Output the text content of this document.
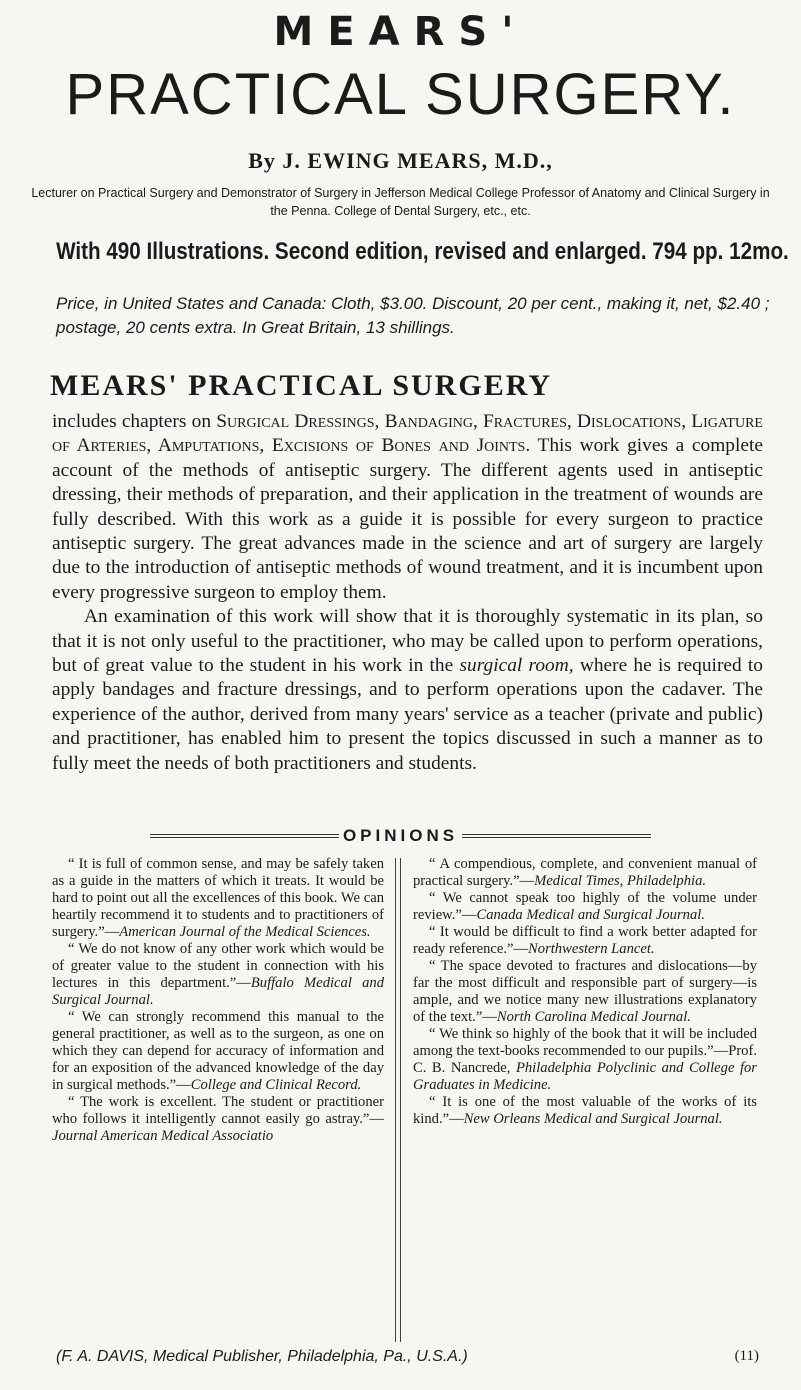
MEARS'
PRACTICAL SURGERY.
By J. EWING MEARS, M.D.,
Lecturer on Practical Surgery and Demonstrator of Surgery in Jefferson Medical College Professor of Anatomy and Clinical Surgery in the Penna. College of Dental Surgery, etc., etc.
With 490 Illustrations. Second edition, revised and enlarged. 794 pp. 12mo.
Price, in United States and Canada: Cloth, $3.00. Discount, 20 per cent., making it, net, $2.40 ; postage, 20 cents extra. In Great Britain, 13 shillings.
MEARS' PRACTICAL SURGERY

includes chapters on Surgical Dressings, Bandaging, Fractures, Dislocations, Ligature of Arteries, Amputations, Excisions of Bones and Joints. This work gives a complete account of the methods of antiseptic surgery. The different agents used in antiseptic dressing, their methods of preparation, and their application in the treatment of wounds are fully described. With this work as a guide it is possible for every surgeon to practice antiseptic surgery. The great advances made in the science and art of surgery are largely due to the introduction of antiseptic methods of wound treatment, and it is incumbent upon every progressive surgeon to employ them.

An examination of this work will show that it is thoroughly systematic in its plan, so that it is not only useful to the practitioner, who may be called upon to perform operations, but of great value to the student in his work in the surgical room, where he is required to apply bandages and fracture dressings, and to perform operations upon the cadaver. The experience of the author, derived from many years' service as a teacher (private and public) and practitioner, has enabled him to present the topics discussed in such a manner as to fully meet the needs of both practitioners and students.

OPINIONS

“ It is full of common sense, and may be safely taken as a guide in the matters of which it treats. It would be hard to point out all the excellences of this book. We can heartily recommend it to students and to practitioners of surgery.”—American Journal of the Medical Sciences.

“ We do not know of any other work which would be of greater value to the student in connection with his lectures in this department.”—Buffalo Medical and Surgical Journal.

“ We can strongly recommend this manual to the general practitioner, as well as to the surgeon, as one on which they can depend for accuracy of information and for an exposition of the advanced knowledge of the day in surgical methods.”—College and Clinical Record.

“ The work is excellent. The student or practitioner who follows it intelligently cannot easily go astray.”—Journal American Medical Associatio

“ A compendious, complete, and convenient manual of practical surgery.”—Medical Times, Philadelphia.

“ We cannot speak too highly of the volume under review.”—Canada Medical and Surgical Journal.

“ It would be difficult to find a work better adapted for ready reference.”—Northwestern Lancet.

“ The space devoted to fractures and dislocations—by far the most difficult and responsible part of surgery—is ample, and we notice many new illustrations explanatory of the text.”—North Carolina Medical Journal.

“ We think so highly of the book that it will be included among the text-books recommended to our pupils.”—Prof. C. B. Nancrede, Philadelphia Polyclinic and College for Graduates in Medicine.

“ It is one of the most valuable of the works of its kind.”—New Orleans Medical and Surgical Journal.

(F. A. DAVIS, Medical Publisher, Philadelphia, Pa., U.S.A.)	(11)
